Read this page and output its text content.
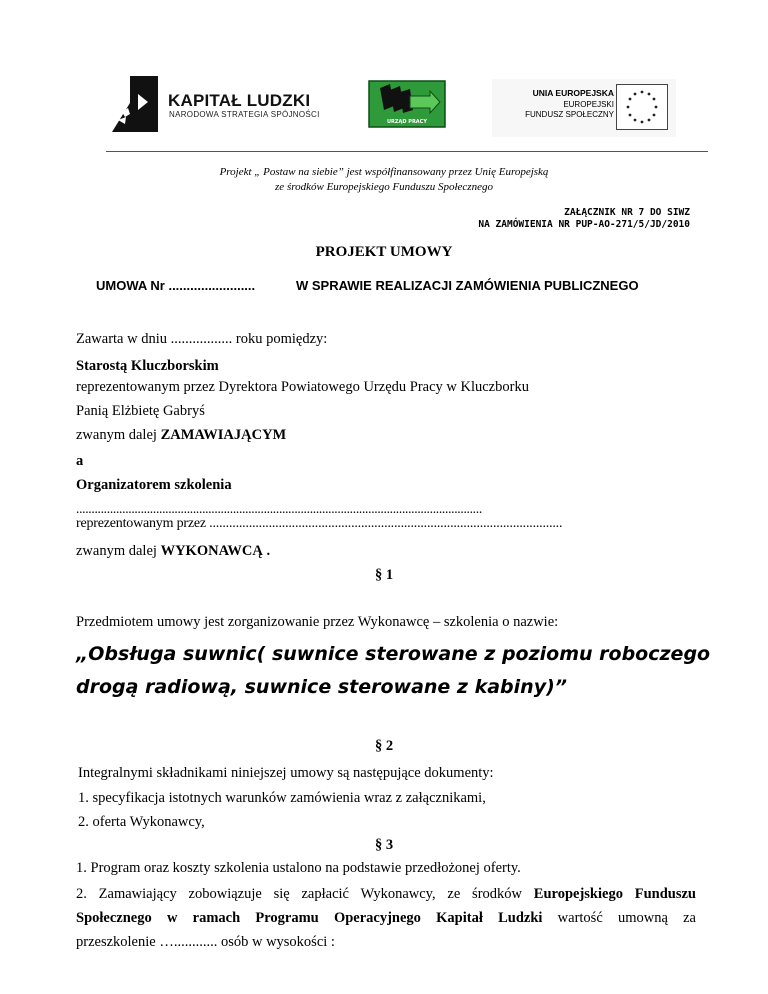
KAPITAŁ LUDZKI
NARODOWA STRATEGIA SPÓJNOŚCI
URZĄD PRACY
UNIA EUROPEJSKA
EUROPEJSKI
FUNDUSZ SPOŁECZNY
Projekt „ Postaw na siebie” jest współfinansowany przez Unię Europejską
ze środków Europejskiego Funduszu Społecznego
ZAŁĄCZNIK NR 7 DO SIWZ
NA ZAMÓWIENIA NR PUP-AO-271/5/JD/2010
PROJEKT UMOWY
UMOWA Nr ........................	W SPRAWIE REALIZACJI ZAMÓWIENIA PUBLICZNEGO
Zawarta w dniu ................. roku pomiędzy:
Starostą Kluczborskim
reprezentowanym przez Dyrektora Powiatowego Urzędu Pracy w Kluczborku
Panią Elżbietę Gabryś
zwanym dalej ZAMAWIAJĄCYM
a
Organizatorem szkolenia
....................................................................................................................................
reprezentowanym przez ...........................................................................................................
zwanym dalej WYKONAWCĄ .
§ 1
Przedmiotem umowy jest zorganizowanie przez Wykonawcę – szkolenia o nazwie:
„Obsługa suwnic( suwnice sterowane z poziomu roboczego
drogą radiową, suwnice sterowane z kabiny)”
§ 2
Integralnymi składnikami niniejszej umowy są następujące dokumenty:
1. specyfikacja istotnych warunków zamówienia wraz z załącznikami,
2. oferta Wykonawcy,
§ 3
1. Program oraz koszty szkolenia ustalono na podstawie przedłożonej oferty.
2. Zamawiający zobowiązuje się zapłacić Wykonawcy, ze środków Europejskiego Funduszu
Społecznego w ramach Programu Operacyjnego Kapitał Ludzki wartość umowną za
przeszkolenie …............ osób w wysokości :
